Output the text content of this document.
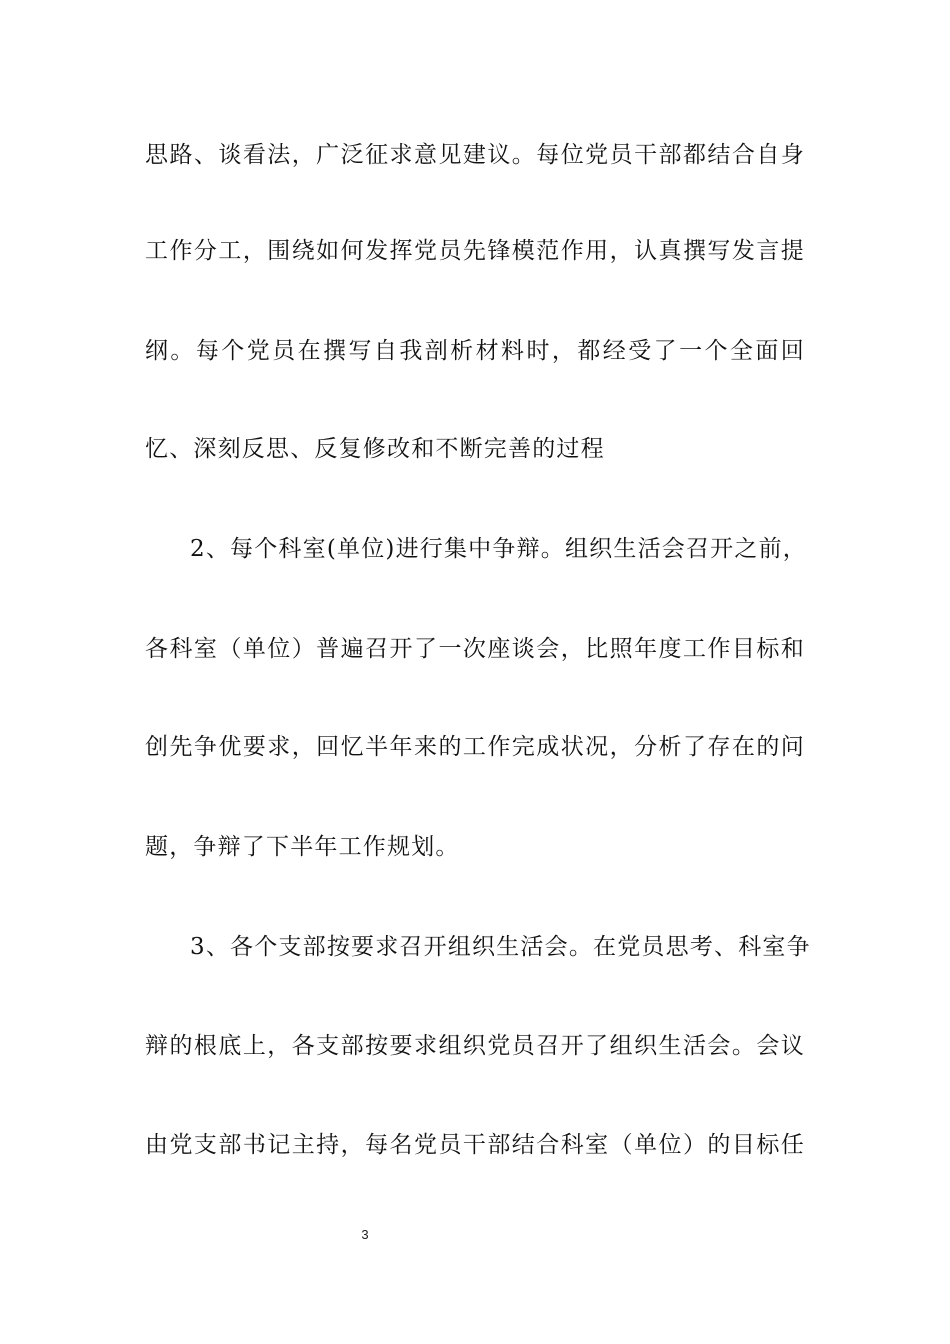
思路、谈看法，广泛征求意见建议。每位党员干部都结合自身
工作分工，围绕如何发挥党员先锋模范作用，认真撰写发言提
纲。每个党员在撰写自我剖析材料时，都经受了一个全面回
忆、深刻反思、反复修改和不断完善的过程
2、每个科室(单位)进行集中争辩。组织生活会召开之前，
各科室（单位）普遍召开了一次座谈会，比照年度工作目标和
创先争优要求，回忆半年来的工作完成状况，分析了存在的问
题，争辩了下半年工作规划。
3、各个支部按要求召开组织生活会。在党员思考、科室争
辩的根底上，各支部按要求组织党员召开了组织生活会。会议
由党支部书记主持，每名党员干部结合科室（单位）的目标任
3
